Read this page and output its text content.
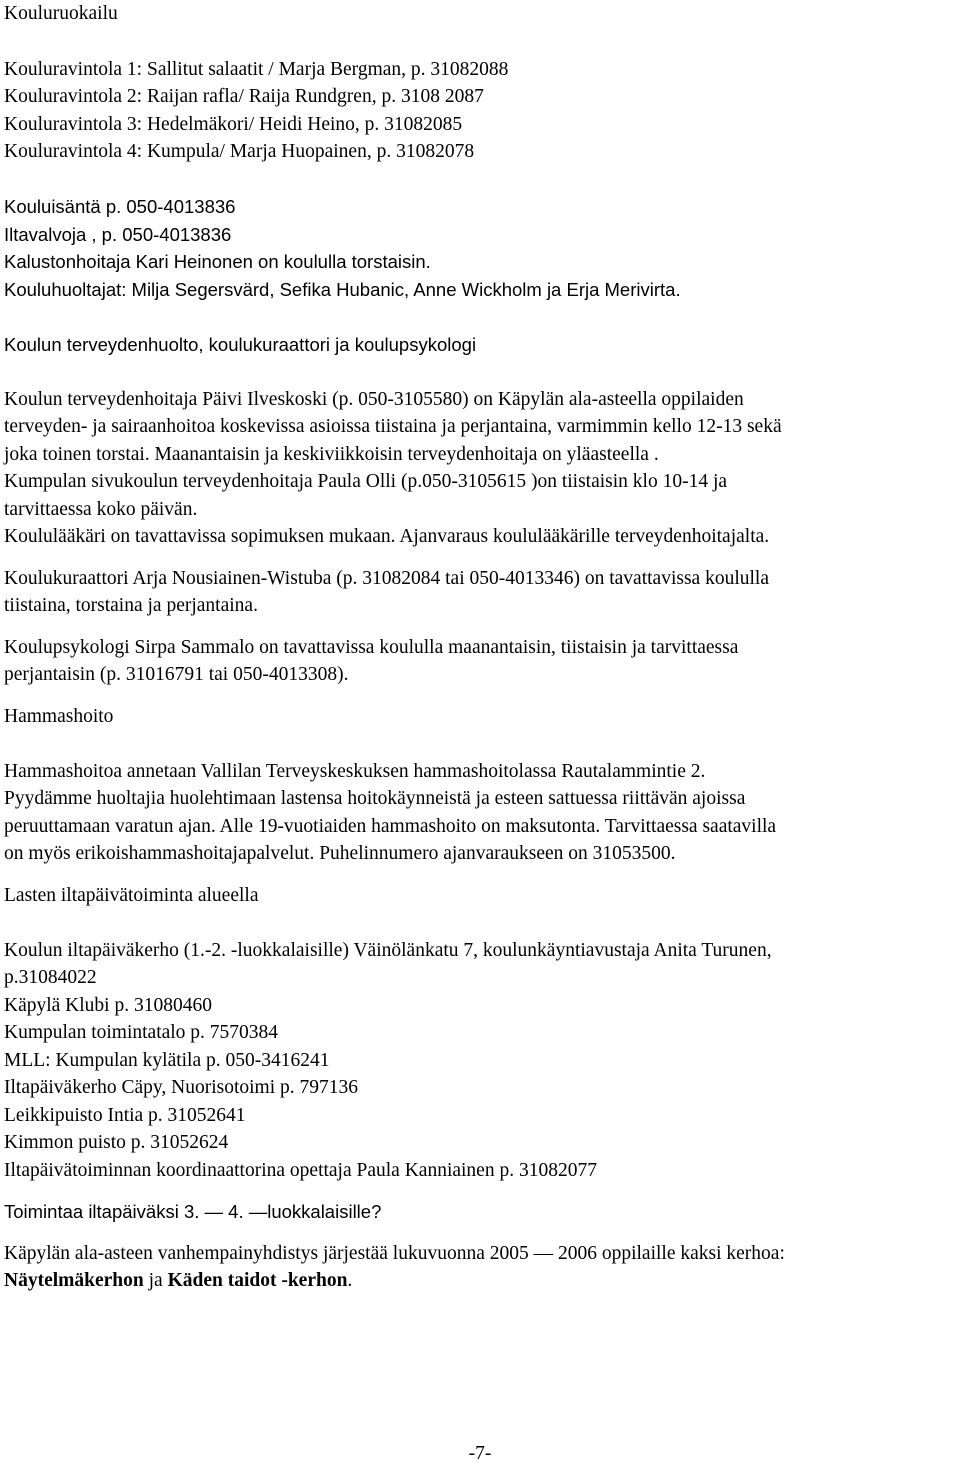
Kouluruokailu
Kouluravintola 1: Sallitut salaatit / Marja Bergman, p. 31082088
Kouluravintola 2: Raijan rafla/ Raija Rundgren, p. 3108 2087
Kouluravintola 3: Hedelmäkori/ Heidi Heino, p. 31082085
Kouluravintola 4: Kumpula/ Marja Huopainen, p. 31082078
Kouluisäntä p. 050-4013836
Iltavalvoja , p. 050-4013836
Kalustonhoitaja Kari Heinonen on koululla torstaisin.
Kouluhuoltajat: Milja Segersvärd, Sefika Hubanic, Anne Wickholm ja Erja Merivirta.
Koulun terveydenhuolto, koulukuraattori ja koulupsykologi
Koulun terveydenhoitaja Päivi Ilveskoski (p. 050-3105580) on Käpylän ala-asteella oppilaiden
terveyden- ja sairaanhoitoa koskevissa asioissa tiistaina ja perjantaina, varmimmin kello 12-13 sekä
joka toinen torstai. Maanantaisin ja keskiviikkoisin terveydenhoitaja on yläasteella .
Kumpulan sivukoulun terveydenhoitaja Paula Olli (p.050-3105615 )on tiistaisin klo 10-14 ja
tarvittaessa koko päivän.
Koululääkäri on tavattavissa sopimuksen mukaan. Ajanvaraus koululääkärille terveydenhoitajalta.
Koulukuraattori Arja Nousiainen-Wistuba (p. 31082084 tai 050-4013346) on tavattavissa koululla
tiistaina, torstaina ja perjantaina.
Koulupsykologi Sirpa Sammalo on tavattavissa koululla maanantaisin, tiistaisin ja tarvittaessa
perjantaisin (p. 31016791 tai 050-4013308).
Hammashoito
Hammashoitoa annetaan Vallilan Terveyskeskuksen hammashoitolassa Rautalammintie 2.
Pyydämme huoltajia huolehtimaan lastensa hoitokäynneistä ja esteen sattuessa riittävän ajoissa
peruuttamaan varatun ajan. Alle 19-vuotiaiden hammashoito on maksutonta. Tarvittaessa saatavilla
on myös erikoishammashoitajapalvelut. Puhelinnumero ajanvaraukseen on 31053500.
Lasten iltapäivätoiminta alueella
Koulun iltapäiväkerho (1.-2. -luokkalaisille) Väinölänkatu 7, koulunkäyntiavustaja Anita Turunen,
p.31084022
Käpylä Klubi p. 31080460
Kumpulan toimintatalo p. 7570384
MLL: Kumpulan kylätila p. 050-3416241
Iltapäiväkerho Cäpy, Nuorisotoimi p. 797136
Leikkipuisto Intia p. 31052641
Kimmon puisto p. 31052624
Iltapäivätoiminnan koordinaattorina opettaja Paula Kanniainen p. 31082077
Toimintaa iltapäiväksi 3. — 4. —luokkalaisille?
Käpylän ala-asteen vanhempainyhdistys järjestää lukuvuonna 2005 — 2006 oppilaille kaksi kerhoa:
Näytelmäkerhon ja Käden taidot -kerhon.
-7-
